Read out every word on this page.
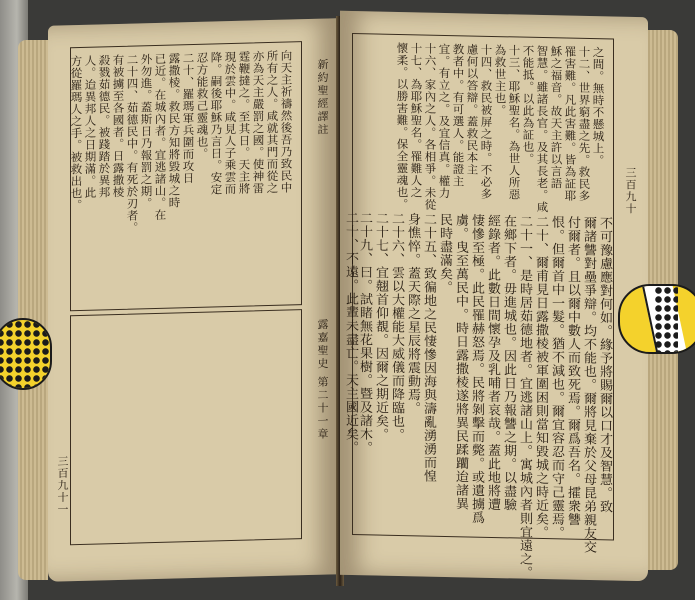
新約聖經譯註
露嘉聖史 第二十一章
三百九十一
向天主祈禱然後吾乃致民中
所有之人。咸就其門而從之
亦為天主嚴罰之國。使神雷
霆鞭撻之。至其日。天主將
現於雲中。咸見人子乘雲而
降。嗣後耶穌乃言日。安定
忍方能救己靈魂也。
二十、羅瑪軍兵圍而攻日
露撒棱。救民方知將毀城之時
已近。在城內者。宜逃諸山。在
外勿進。蓋斯日乃報罰之期。
二十四、茹德民中。有死於刃者。
有被擄至各國者。日露撒棱
殺戮茹德民。被踐踏於異邦
人。迨異邦人之日期滿。此
方從羅瑪人之手。被救出也。	三百九十
之間。無時不懸城上。
十二、世界窮盡之先。救民多
罹害難。凡此害難。皆為証耶
穌之福音。故天主許以言語
智慧。雖諸長官。及其長老。咸
不能抵。以此為証也。
十三、耶穌聖名。為世人所惡
為救世主也。
十四、救民被屏之時。不必多
慮何以答辯。蓋救民本主
教者中。有可選人。能證主
宜。有立之。及宜信真。權力
十六、家內之人。各相爭。未從
十七、為耶穌聖名。罹難人之
懷柔。以勝害難。保全靈魂也。
不可豫慮應對何如。緣予將賜爾以口才及智慧。致
爾諸讐對壘爭辯。均不能也。爾將見棄於父母昆弟親友交
付爾者。且以爾中數人而致死焉。爾爲吾名。攉衆讐
恨。但爾首中一髮。猶不減也。爾宜容忍而守己靈焉。
二十、爾甫見日露撒棱被軍圍困則當知毀城之時近矣。
二十一、是時居茹德地者。宜逃諸山上。寓城內者則宜遠之。
在鄉下者。毋進城也。因此日乃報讐之期。以盡驗
經錄者。此數日間懷孕及乳哺者哀哉。蓋此地將遭
悽慘至極。此民罹赫怒焉。民將剝擊而斃。或遺擄爲
虜。曳至萬民中。時日露撒棱遂將異民蹂躪迨諸異
民時盡滿矣。
二十五、致徧地之民悽慘因海與濤亂湧湧而惶
身憔悴。蓋天際之星辰將震動焉。
二十六、雲以大權能大威儀而降臨也。
二十七、宜翹首仰覩。因爾之期近矣。
二十九、曰。試睹無花果樹。暨及諸木。
二十、不遠。此輩未盡亡。天主國近矣。
